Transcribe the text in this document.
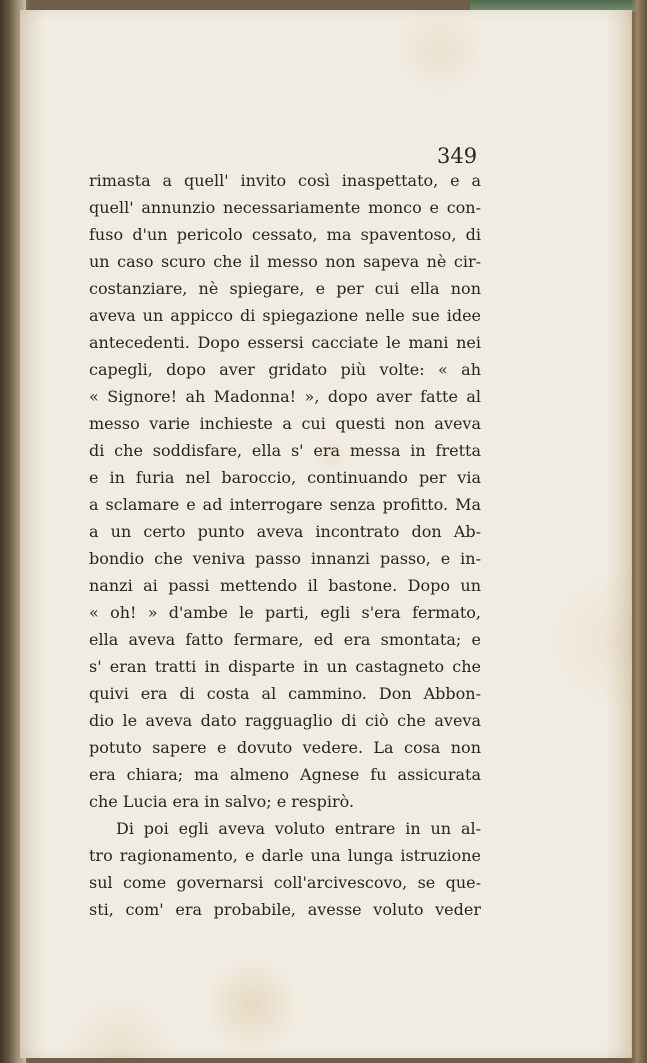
349
rimasta a quell' invito così inaspettato, e a
quell' annunzio necessariamente monco e con-
fuso d'un pericolo cessato, ma spaventoso, di
un caso scuro che il messo non sapeva nè cir-
costanziare, nè spiegare, e per cui ella non
aveva un appicco di spiegazione nelle sue idee
antecedenti. Dopo essersi cacciate le mani nei
capegli, dopo aver gridato più volte: « ah
« Signore! ah Madonna! », dopo aver fatte al
messo varie inchieste a cui questi non aveva
di che soddisfare, ella s' era messa in fretta
e in furia nel baroccio, continuando per via
a sclamare e ad interrogare senza profitto. Ma
a un certo punto aveva incontrato don Ab-
bondio che veniva passo innanzi passo, e in-
nanzi ai passi mettendo il bastone. Dopo un
« oh! » d'ambe le parti, egli s'era fermato,
ella aveva fatto fermare, ed era smontata; e
s' eran tratti in disparte in un castagneto che
quivi era di costa al cammino. Don Abbon-
dio le aveva dato ragguaglio di ciò che aveva
potuto sapere e dovuto vedere. La cosa non
era chiara; ma almeno Agnese fu assicurata
che Lucia era in salvo; e respirò.
Di poi egli aveva voluto entrare in un al-
tro ragionamento, e darle una lunga istruzione
sul come governarsi coll'arcivescovo, se que-
sti, com' era probabile, avesse voluto veder
